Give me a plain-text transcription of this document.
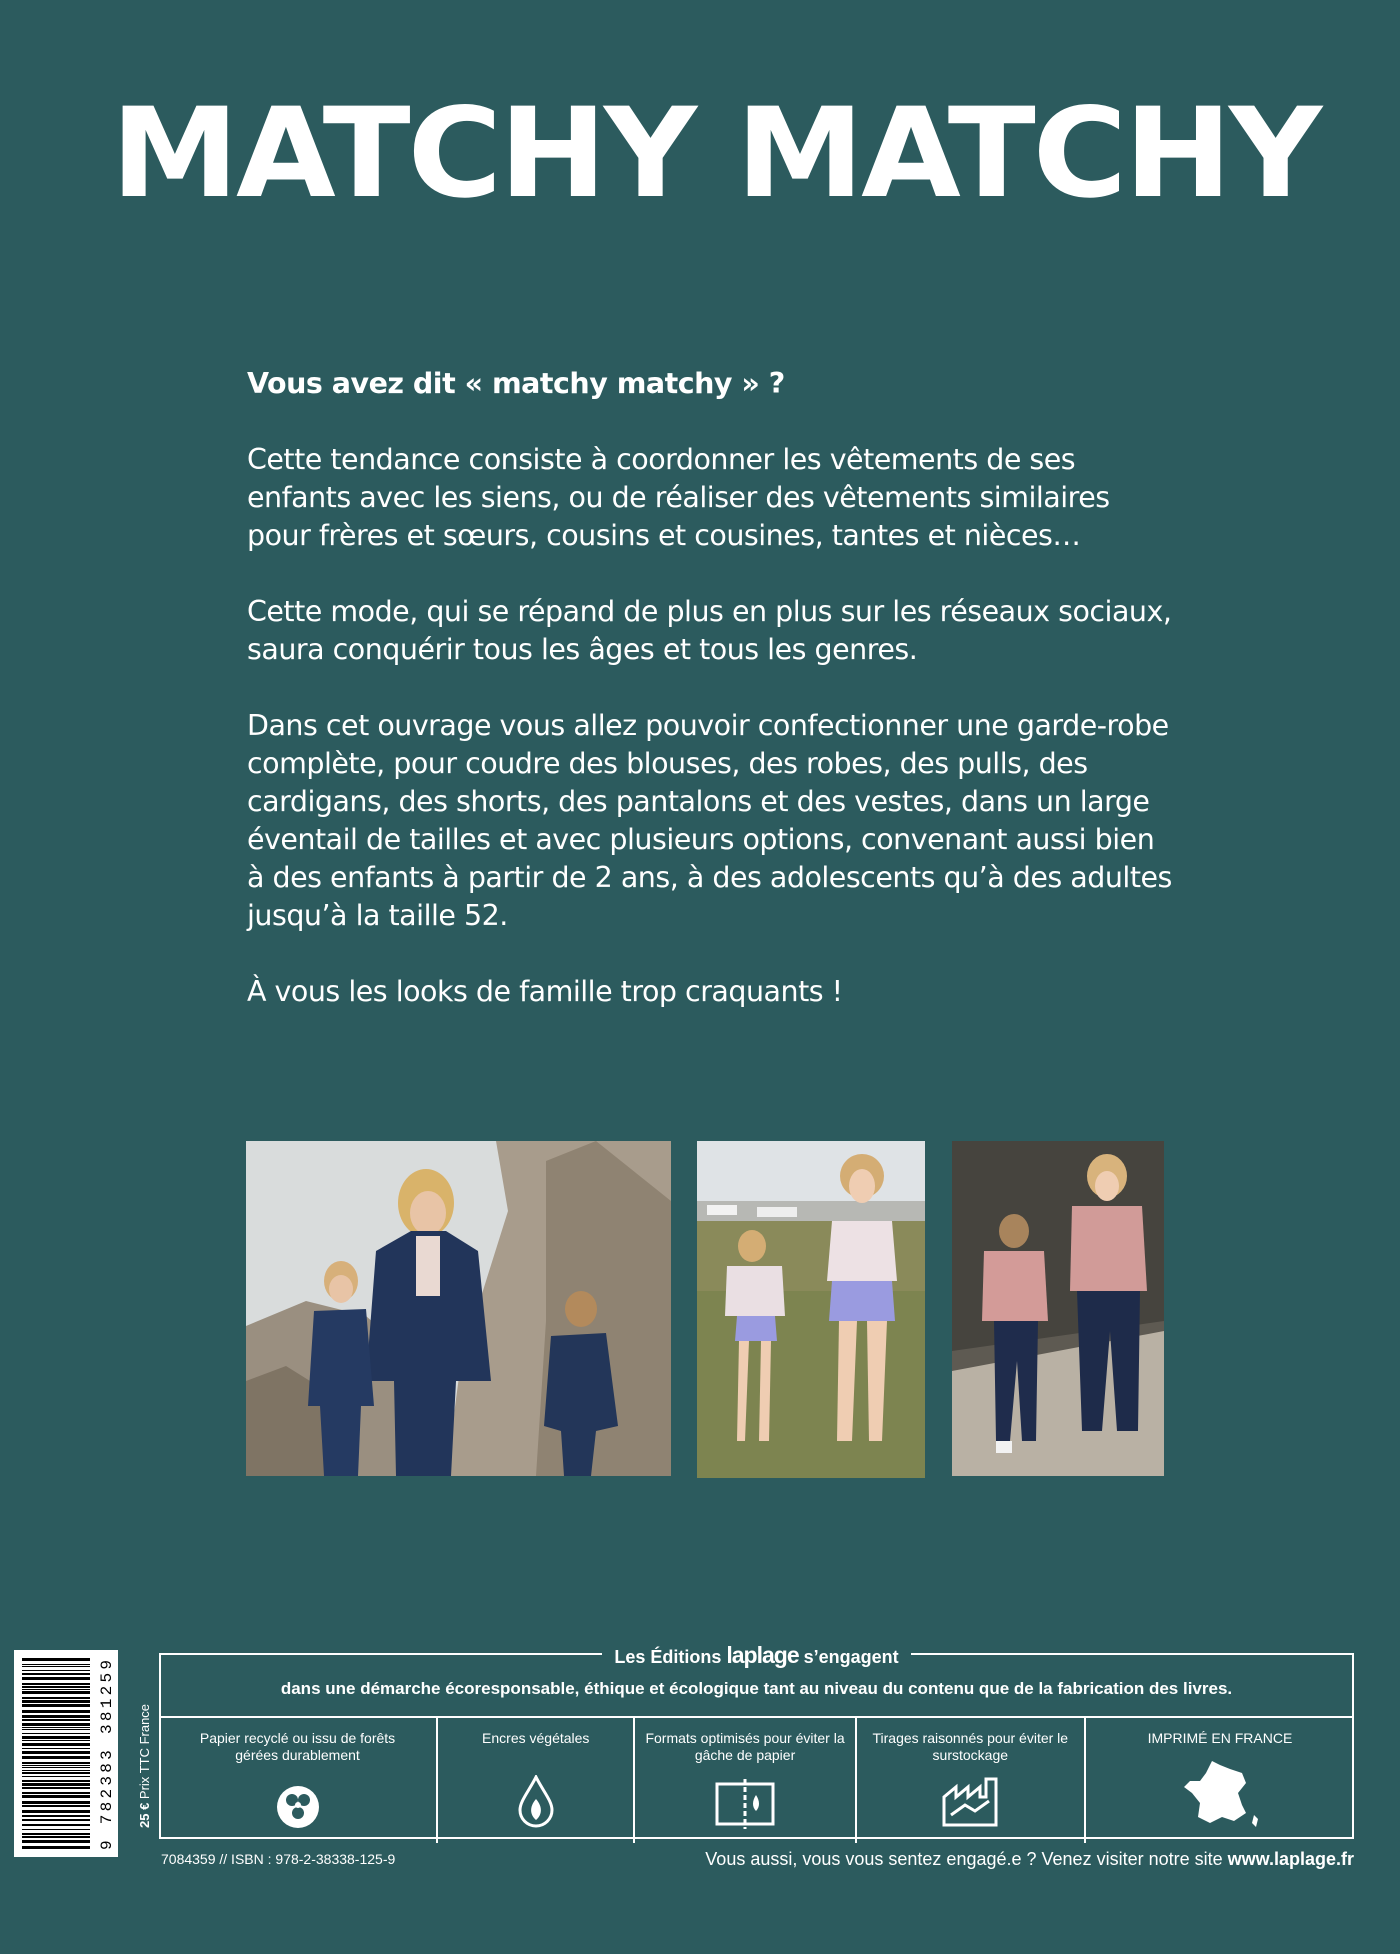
MATCHY MATCHY

Vous avez dit « matchy matchy » ?

Cette tendance consiste à coordonner les vêtements de ses enfants avec les siens, ou de réaliser des vêtements similaires pour frères et sœurs, cousins et cousines, tantes et nièces…

Cette mode, qui se répand de plus en plus sur les réseaux sociaux, saura conquérir tous les âges et tous les genres.

Dans cet ouvrage vous allez pouvoir confectionner une garde-robe complète, pour coudre des blouses, des robes, des pulls, des cardigans, des shorts, des pantalons et des vestes, dans un large éventail de tailles et avec plusieurs options, convenant aussi bien à des enfants à partir de 2 ans, à des adolescents qu’à des adultes jusqu’à la taille 52.

À vous les looks de famille trop craquants !

9 782383 381259
25 € Prix TTC France
Les Éditions laplage s’engagent
dans une démarche écoresponsable, éthique et écologique tant au niveau du contenu que de la fabrication des livres.
Papier recyclé ou issu de forêts gérées durablement
Encres végétales	Formats optimisés pour éviter la gâche de papier
Tirages raisonnés pour éviter le surstockage
IMPRIMÉ EN FRANCE
7084359 // ISBN : 978-2-38338-125-9	Vous aussi, vous vous sentez engagé.e ? Venez visiter notre site www.laplage.fr
